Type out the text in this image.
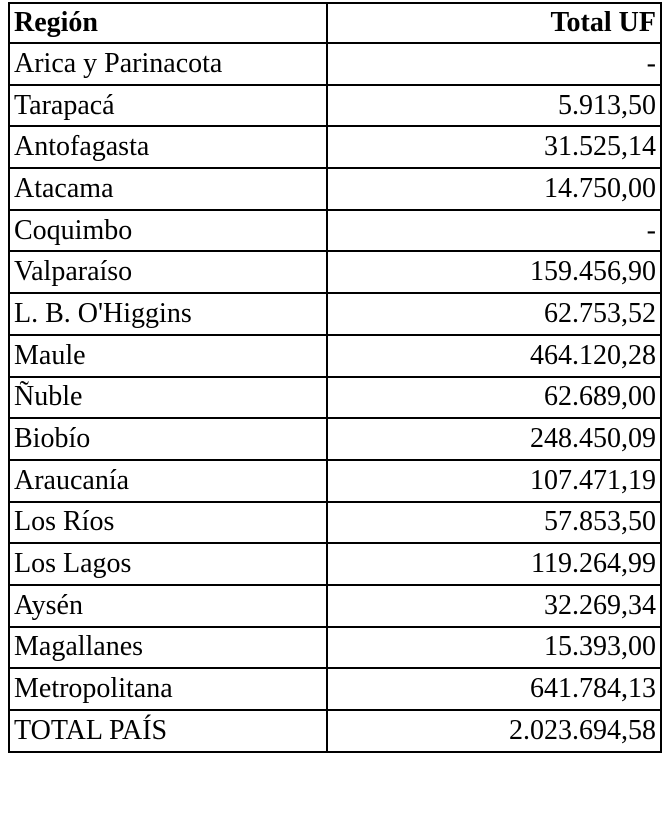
Región	Total UF
Arica y Parinacota	-
Tarapacá	5.913,50
Antofagasta	31.525,14
Atacama	14.750,00
Coquimbo	-
Valparaíso	159.456,90
L. B. O'Higgins	62.753,52
Maule	464.120,28
Ñuble	62.689,00
Biobío	248.450,09
Araucanía	107.471,19
Los Ríos	57.853,50
Los Lagos	119.264,99
Aysén	32.269,34
Magallanes	15.393,00
Metropolitana	641.784,13
TOTAL PAÍS	2.023.694,58
